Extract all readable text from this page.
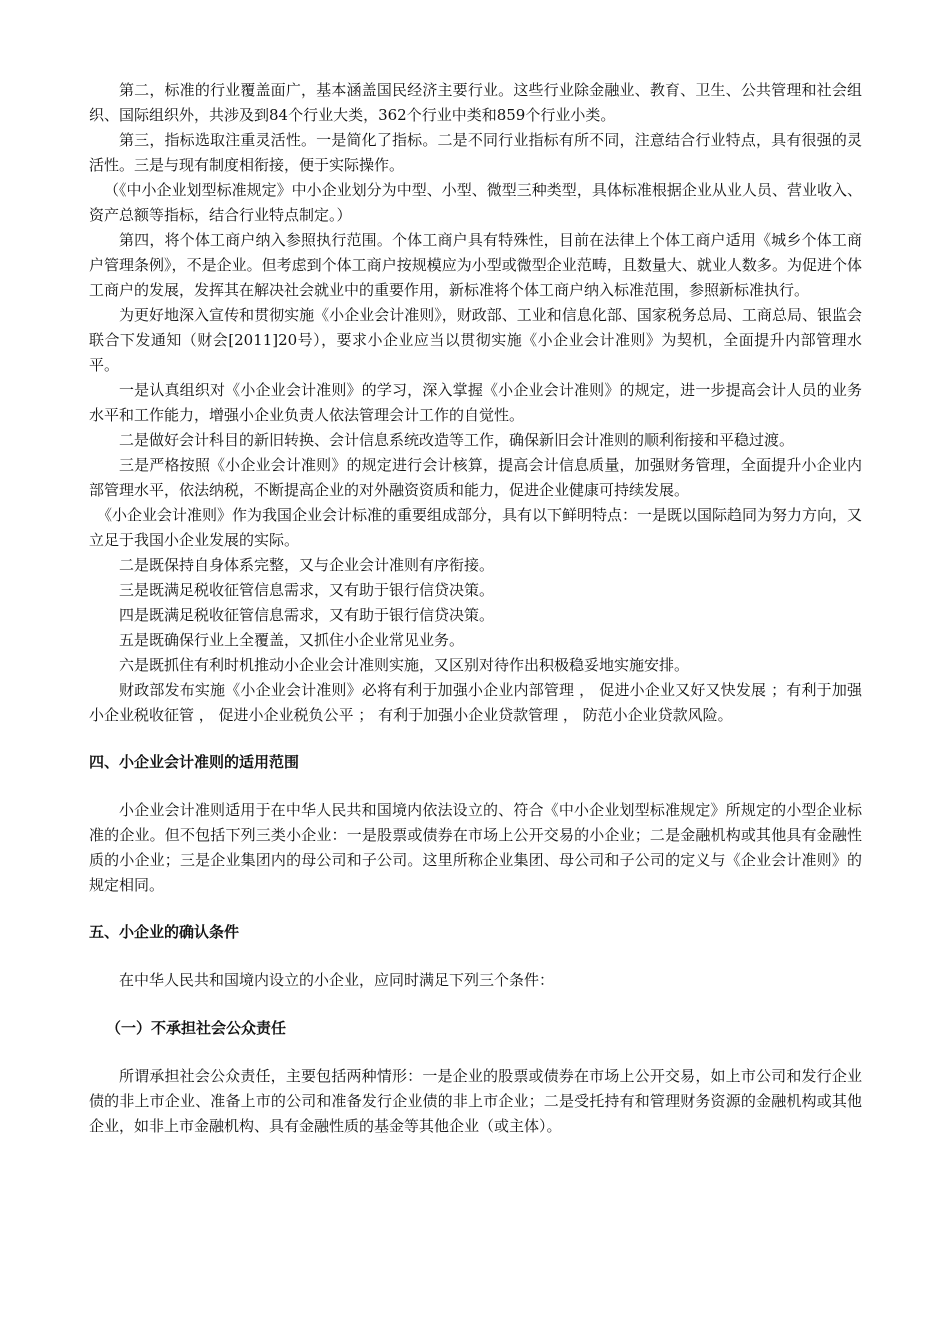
第二，标准的行业覆盖面广，基本涵盖国民经济主要行业。这些行业除金融业、教育、卫生、公共管理和社会组织、国际组织外，共涉及到84个行业大类，362个行业中类和859个行业小类。

第三，指标选取注重灵活性。一是简化了指标。二是不同行业指标有所不同，注意结合行业特点，具有很强的灵活性。三是与现有制度相衔接，便于实际操作。

（《中小企业划型标准规定》中小企业划分为中型、小型、微型三种类型，具体标准根据企业从业人员、营业收入、资产总额等指标，结合行业特点制定。）

第四，将个体工商户纳入参照执行范围。个体工商户具有特殊性，目前在法律上个体工商户适用《城乡个体工商户管理条例》，不是企业。但考虑到个体工商户按规模应为小型或微型企业范畴，且数量大、就业人数多。为促进个体工商户的发展，发挥其在解决社会就业中的重要作用，新标准将个体工商户纳入标准范围，参照新标准执行。

为更好地深入宣传和贯彻实施《小企业会计准则》，财政部、工业和信息化部、国家税务总局、工商总局、银监会联合下发通知（财会[2011]20号），要求小企业应当以贯彻实施《小企业会计准则》为契机，全面提升内部管理水平。

一是认真组织对《小企业会计准则》的学习，深入掌握《小企业会计准则》的规定，进一步提高会计人员的业务水平和工作能力，增强小企业负责人依法管理会计工作的自觉性。

二是做好会计科目的新旧转换、会计信息系统改造等工作，确保新旧会计准则的顺利衔接和平稳过渡。

三是严格按照《小企业会计准则》的规定进行会计核算，提高会计信息质量，加强财务管理，全面提升小企业内部管理水平，依法纳税，不断提高企业的对外融资资质和能力，促进企业健康可持续发展。

《小企业会计准则》作为我国企业会计标准的重要组成部分，具有以下鲜明特点：一是既以国际趋同为努力方向，又立足于我国小企业发展的实际。

二是既保持自身体系完整，又与企业会计准则有序衔接。

三是既满足税收征管信息需求，又有助于银行信贷决策。

四是既满足税收征管信息需求，又有助于银行信贷决策。

五是既确保行业上全覆盖，又抓住小企业常见业务。

六是既抓住有利时机推动小企业会计准则实施，又区别对待作出积极稳妥地实施安排。

财政部发布实施《小企业会计准则》必将有利于加强小企业内部管理 ， 促进小企业又好又快发展 ；有利于加强小企业税收征管 ， 促进小企业税负公平 ； 有利于加强小企业贷款管理 ， 防范小企业贷款风险。

四、小企业会计准则的适用范围

小企业会计准则适用于在中华人民共和国境内依法设立的、符合《中小企业划型标准规定》所规定的小型企业标准的企业。但不包括下列三类小企业：一是股票或债券在市场上公开交易的小企业；二是金融机构或其他具有金融性质的小企业；三是企业集团内的母公司和子公司。这里所称企业集团、母公司和子公司的定义与《企业会计准则》的规定相同。

五、小企业的确认条件

在中华人民共和国境内设立的小企业，应同时满足下列三个条件：

（一）不承担社会公众责任

所谓承担社会公众责任，主要包括两种情形：一是企业的股票或债券在市场上公开交易，如上市公司和发行企业债的非上市企业、准备上市的公司和准备发行企业债的非上市企业；二是受托持有和管理财务资源的金融机构或其他企业，如非上市金融机构、具有金融性质的基金等其他企业（或主体）。
